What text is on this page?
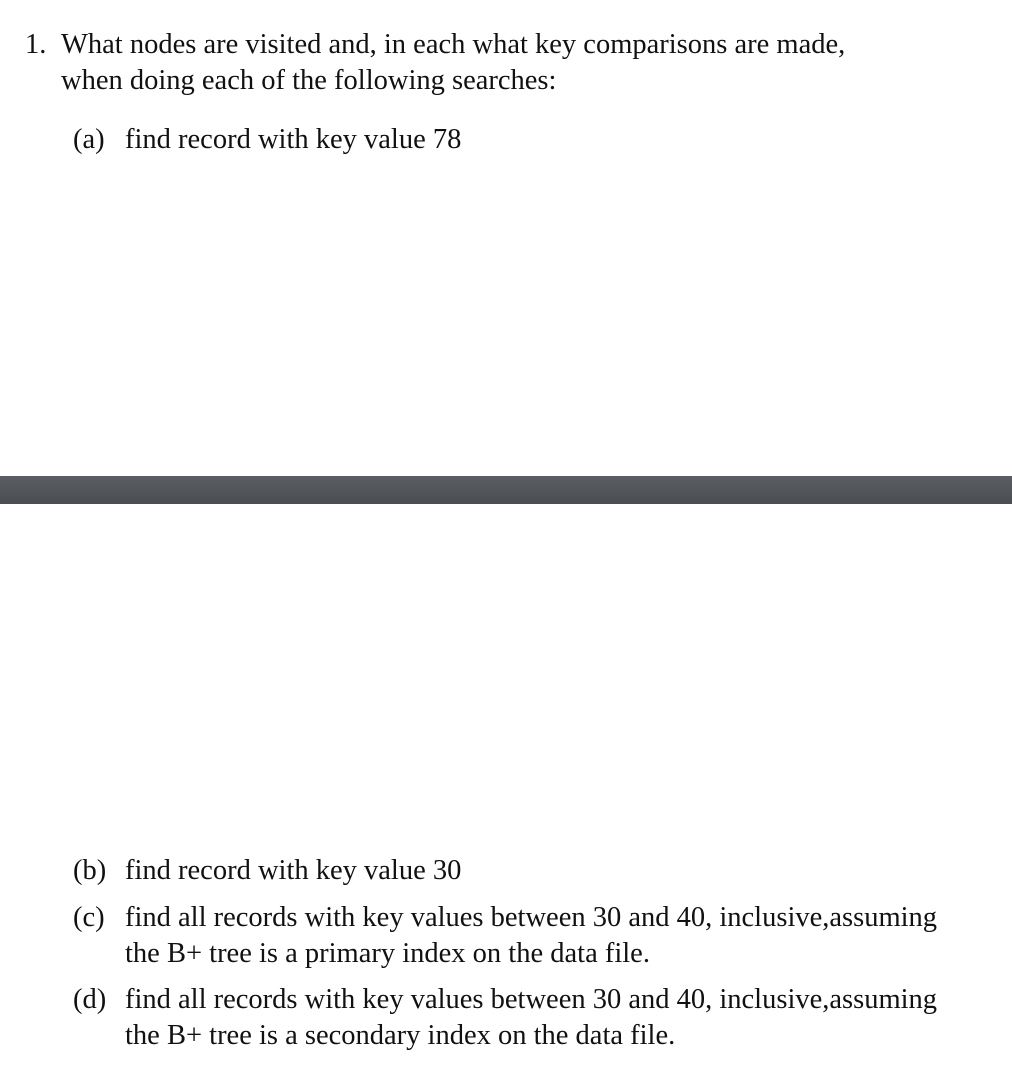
1. What nodes are visited and, in each what key comparisons are made,
when doing each of the following searches:
(a) find record with key value 78
(b) find record with key value 30
(c) find all records with key values between 30 and 40, inclusive,assuming
the B+ tree is a primary index on the data file.
(d) find all records with key values between 30 and 40, inclusive,assuming
the B+ tree is a secondary index on the data file.
